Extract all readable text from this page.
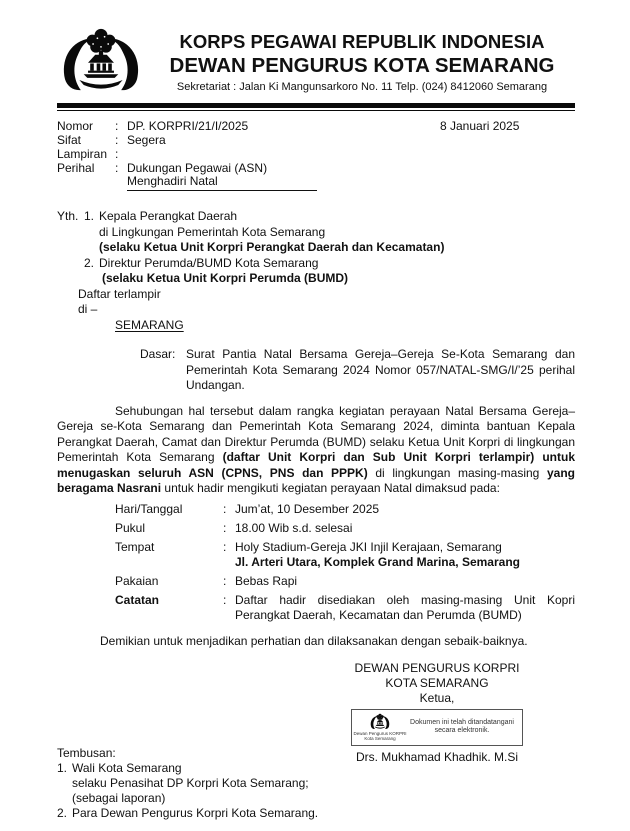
KORPS PEGAWAI REPUBLIK INDONESIA
DEWAN PENGURUS KOTA SEMARANG
Sekretariat : Jalan Ki Mangunsarkoro No. 11 Telp. (024) 8412060 Semarang
8 Januari 2025
Nomor	: DP. KORPRI/21/I/2025
Sifat	: Segera
Lampiran :
Perihal	: Dukungan Pegawai (ASN)
Menghadiri Natal
Yth. 1. Kepala Perangkat Daerah
di Lingkungan Pemerintah Kota Semarang
(selaku Ketua Unit Korpri Perangkat Daerah dan Kecamatan)
2. Direktur Perumda/BUMD Kota Semarang
(selaku Ketua Unit Korpri Perumda (BUMD)
Daftar terlampir
di –
SEMARANG
Dasar: Surat Pantia Natal Bersama Gereja–Gereja Se-Kota Semarang dan Pemerintah Kota Semarang 2024 Nomor 057/NATAL-SMG/I/’25 perihal Undangan.

Sehubungan hal tersebut dalam rangka kegiatan perayaan Natal Bersama Gereja–Gereja se-Kota Semarang dan Pemerintah Kota Semarang 2024, diminta bantuan Kepala Perangkat Daerah, Camat dan Direktur Perumda (BUMD) selaku Ketua Unit Korpri di lingkungan Pemerintah Kota Semarang (daftar Unit Korpri dan Sub Unit Korpri terlampir) untuk menugaskan seluruh ASN (CPNS, PNS dan PPPK) di lingkungan masing-masing yang beragama Nasrani untuk hadir mengikuti kegiatan perayaan Natal dimaksud pada:

Hari/Tanggal	: Jum’at, 10 Desember 2025
Pukul	: 18.00 Wib s.d. selesai
Tempat	: Holy Stadium-Gereja JKI Injil Kerajaan, Semarang
Jl. Arteri Utara, Komplek Grand Marina, Semarang
Pakaian	: Bebas Rapi
Catatan	: Daftar hadir disediakan oleh masing-masing Unit Kopri Perangkat Daerah, Kecamatan dan Perumda (BUMD)

Demikian untuk menjadikan perhatian dan dilaksanakan dengan sebaik-baiknya.

DEWAN PENGURUS KORPRI
KOTA SEMARANG
Ketua,
Dewan Pengurus KORPRI
Kota Semarang
Dokumen ini telah ditandatangani
secara elektronik.
Drs. Mukhamad Khadhik. M.Si
Tembusan:
1. Wali Kota Semarang
selaku Penasihat DP Korpri Kota Semarang;
(sebagai laporan)
2. Para Dewan Pengurus Korpri Kota Semarang.
